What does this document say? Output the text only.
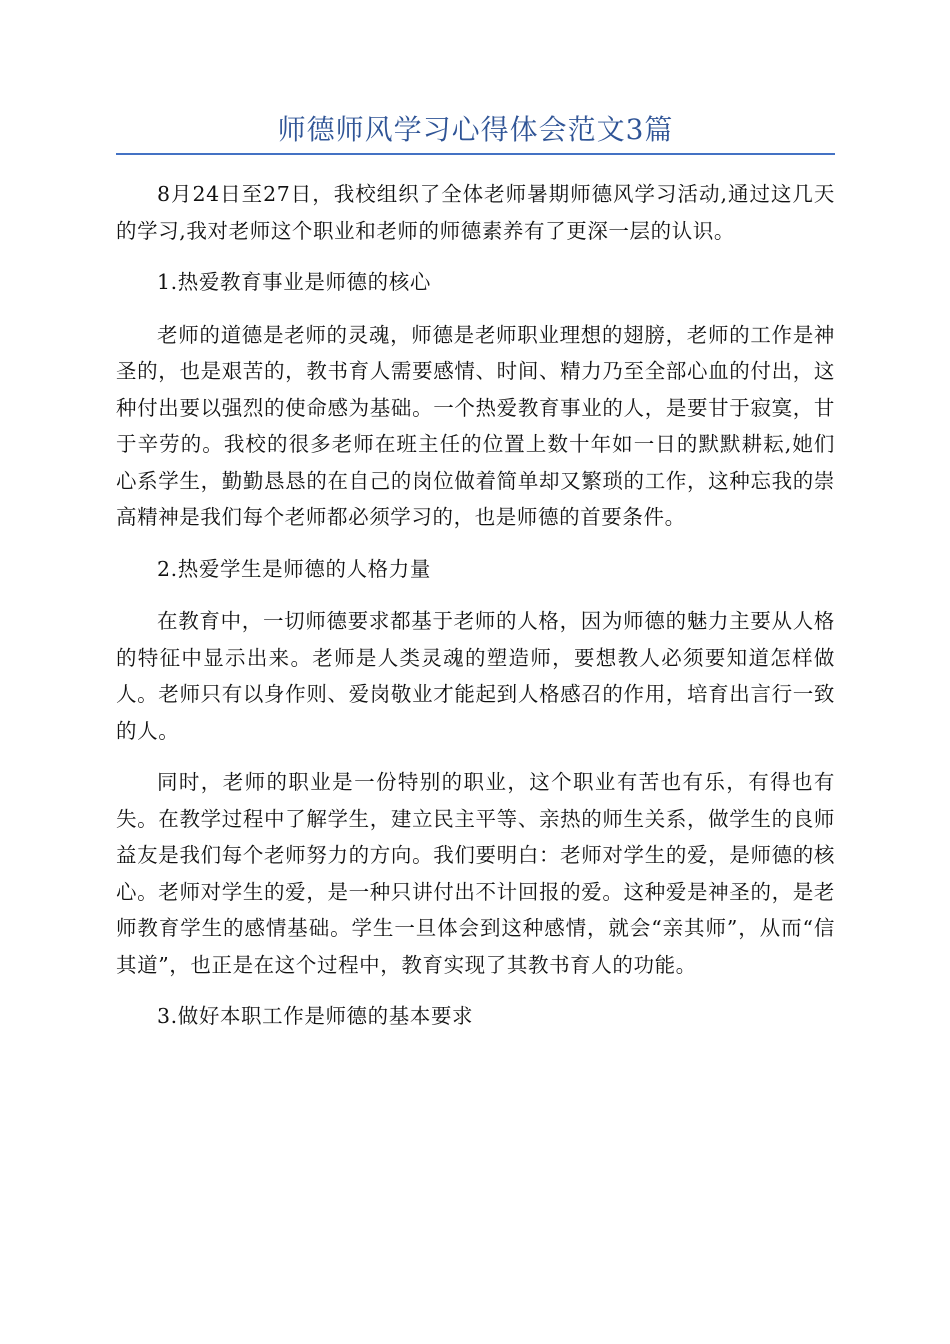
师德师风学习心得体会范文3篇

8月24日至27日，我校组织了全体老师暑期师德风学习活动,通过这几天的学习,我对老师这个职业和老师的师德素养有了更深一层的认识。

1.热爱教育事业是师德的核心

老师的道德是老师的灵魂，师德是老师职业理想的翅膀，老师的工作是神圣的，也是艰苦的，教书育人需要感情、时间、精力乃至全部心血的付出，这种付出要以强烈的使命感为基础。一个热爱教育事业的人，是要甘于寂寞，甘于辛劳的。我校的很多老师在班主任的位置上数十年如一日的默默耕耘,她们心系学生，勤勤恳恳的在自己的岗位做着简单却又繁琐的工作，这种忘我的崇高精神是我们每个老师都必须学习的，也是师德的首要条件。

2.热爱学生是师德的人格力量

在教育中，一切师德要求都基于老师的人格，因为师德的魅力主要从人格的特征中显示出来。老师是人类灵魂的塑造师，要想教人必须要知道怎样做人。老师只有以身作则、爱岗敬业才能起到人格感召的作用，培育出言行一致的人。

同时，老师的职业是一份特别的职业，这个职业有苦也有乐，有得也有失。在教学过程中了解学生，建立民主平等、亲热的师生关系，做学生的良师益友是我们每个老师努力的方向。我们要明白：老师对学生的爱，是师德的核心。老师对学生的爱，是一种只讲付出不计回报的爱。这种爱是神圣的，是老师教育学生的感情基础。学生一旦体会到这种感情，就会“亲其师”，从而“信其道”，也正是在这个过程中，教育实现了其教书育人的功能。

3.做好本职工作是师德的基本要求
